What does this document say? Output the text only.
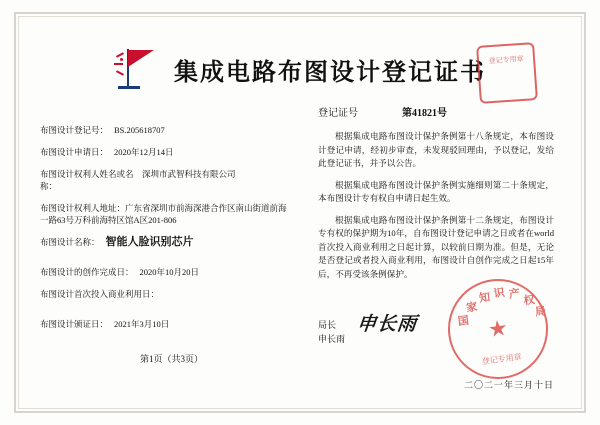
集成电路布图设计登记证书 登记专用章
登记证号	第41821号
布图设计登记号： BS.205618707
布图设计申请日： 2020年12月14日
布图设计权利人姓名或名称：
深圳市武智科技有限公司
布图设计权利人地址：广东省深圳市前海深港合作区南山街道前海一路63号万科前海特区馆A区201-806
布图设计名称： 智能人脸识别芯片
布图设计的创作完成日： 2020年10月20日
布图设计首次投入商业利用日：
布图设计颁证日： 2021年3月10日
第1页（共3页）

根据集成电路布图设计保护条例第十八条规定，本布图设计登记申请，经初步审查，未发现驳回理由，予以登记，发给此登记证书，并予以公告。

根据集成电路布图设计保护条例实施细则第二十条规定，本布图设计专有权自申请日起生效。

根据集成电路布图设计保护条例第十二条规定，布图设计专有权的保护期为10年，自布图设计登记申请之日或者在world首次投入商业利用之日起计算，以较前日期为准。但是，无论是否登记或者投入商业利用，布图设计自创作完成之日起15年后，不再受该条例保护。

局长
申长雨
申长雨	国
家
知 识 产 权
局
★
登记专用章
二〇二一年三月十日
